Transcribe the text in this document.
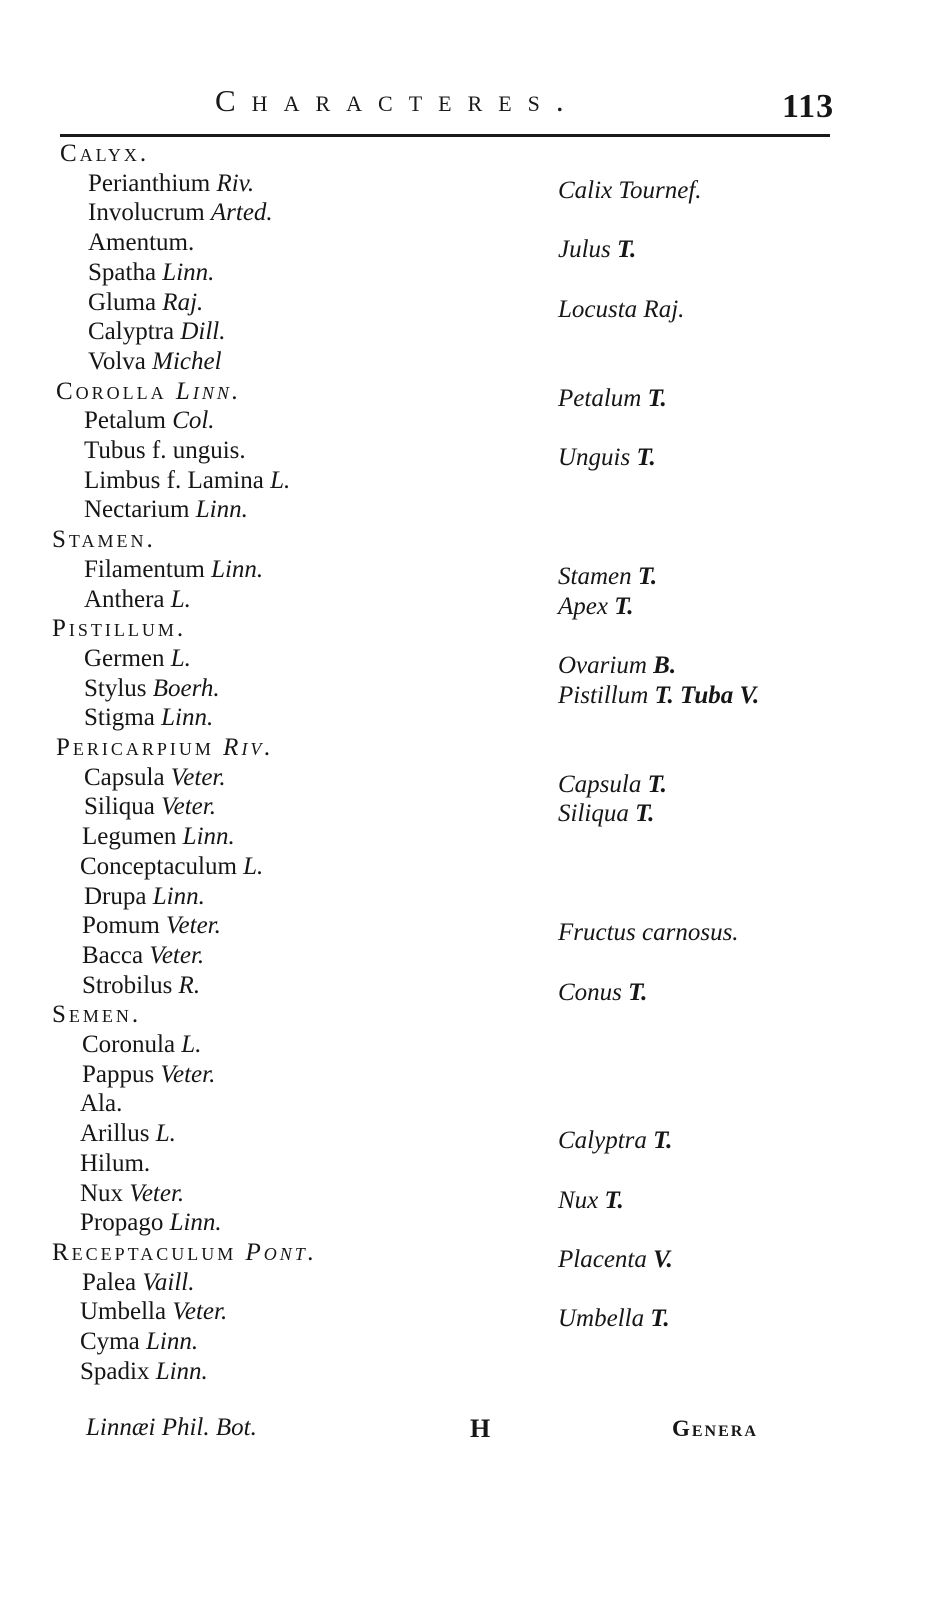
Characteres.	113
Calyx.
Perianthium Riv.	Calix Tournef.
Involucrum Arted.
Amentum.	Julus T.
Spatha Linn.
Gluma Raj.	Locusta Raj.
Calyptra Dill.
Volva Michel
Corolla Linn.	Petalum T.
Petalum Col.
Tubus f. unguis.	Unguis T.
Limbus f. Lamina L.
Nectarium Linn.
Stamen.
Filamentum Linn.	Stamen T.
Anthera L.	Apex T.
Pistillum.
Germen L.	Ovarium B.
Stylus Boerh.	Pistillum T. Tuba V.
Stigma Linn.
Pericarpium Riv.
Capsula Veter.	Capsula T.
Siliqua Veter.	Siliqua T.
Legumen Linn.
Conceptaculum L.
Drupa Linn.
Pomum Veter.	Fructus carnosus.
Bacca Veter.
Strobilus R.	Conus T.
Semen.
Coronula L.
Pappus Veter.
Ala.
Arillus L.	Calyptra T.
Hilum.
Nux Veter.	Nux T.
Propago Linn.
Receptaculum Pont.	Placenta V.
Palea Vaill.
Umbella Veter.	Umbella T.
Cyma Linn.
Spadix Linn.
Linnæi Phil. Bot.	H	Genera
